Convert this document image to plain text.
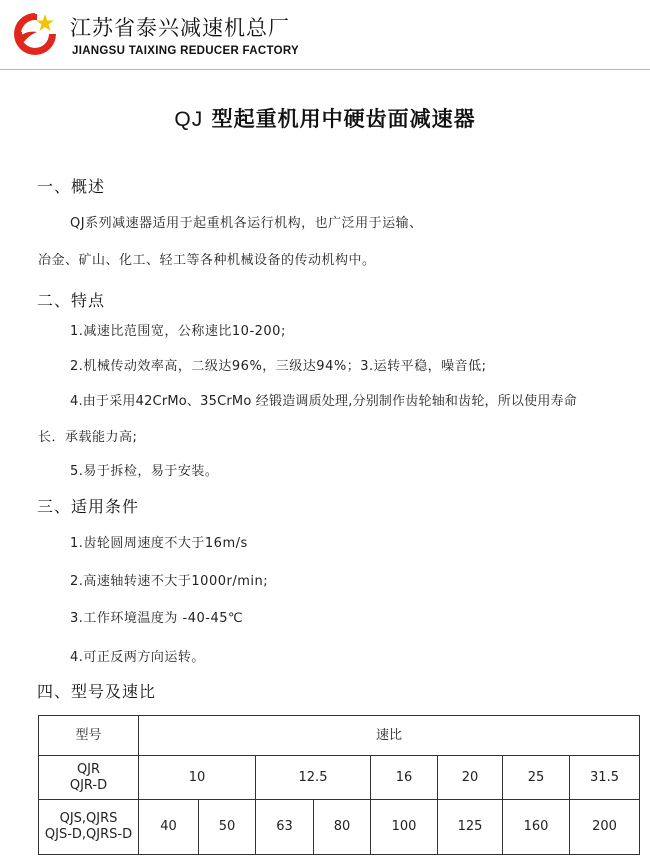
江苏省泰兴减速机总厂
JIANGSU TAIXING REDUCER FACTORY
QJ 型起重机用中硬齿面减速器
一、概述
QJ系列减速器适用于起重机各运行机构，也广泛用于运输、
冶金、矿山、化工、轻工等各种机械设备的传动机构中。
二、特点
1.减速比范围宽，公称速比10-200;
2.机械传动效率高，二级达96%，三级达94%；3.运转平稳，噪音低;
4.由于采用42CrMo、35CrMo 经锻造调质处理,分别制作齿轮轴和齿轮，所以使用寿命
长．承载能力高;
5.易于拆检，易于安装。
三、适用条件
1.齿轮圆周速度不大于16m/s
2.高速轴转速不大于1000r/min;
3.工作环境温度为 -40-45℃
4.可正反两方向运转。
四、型号及速比
型号	速比							

QJR
QJR-D	10		12.5		16	20	25	31.5

QJS,QJRS
QJS-D,QJRS-D	40	50	63	80	100	125	160	200
